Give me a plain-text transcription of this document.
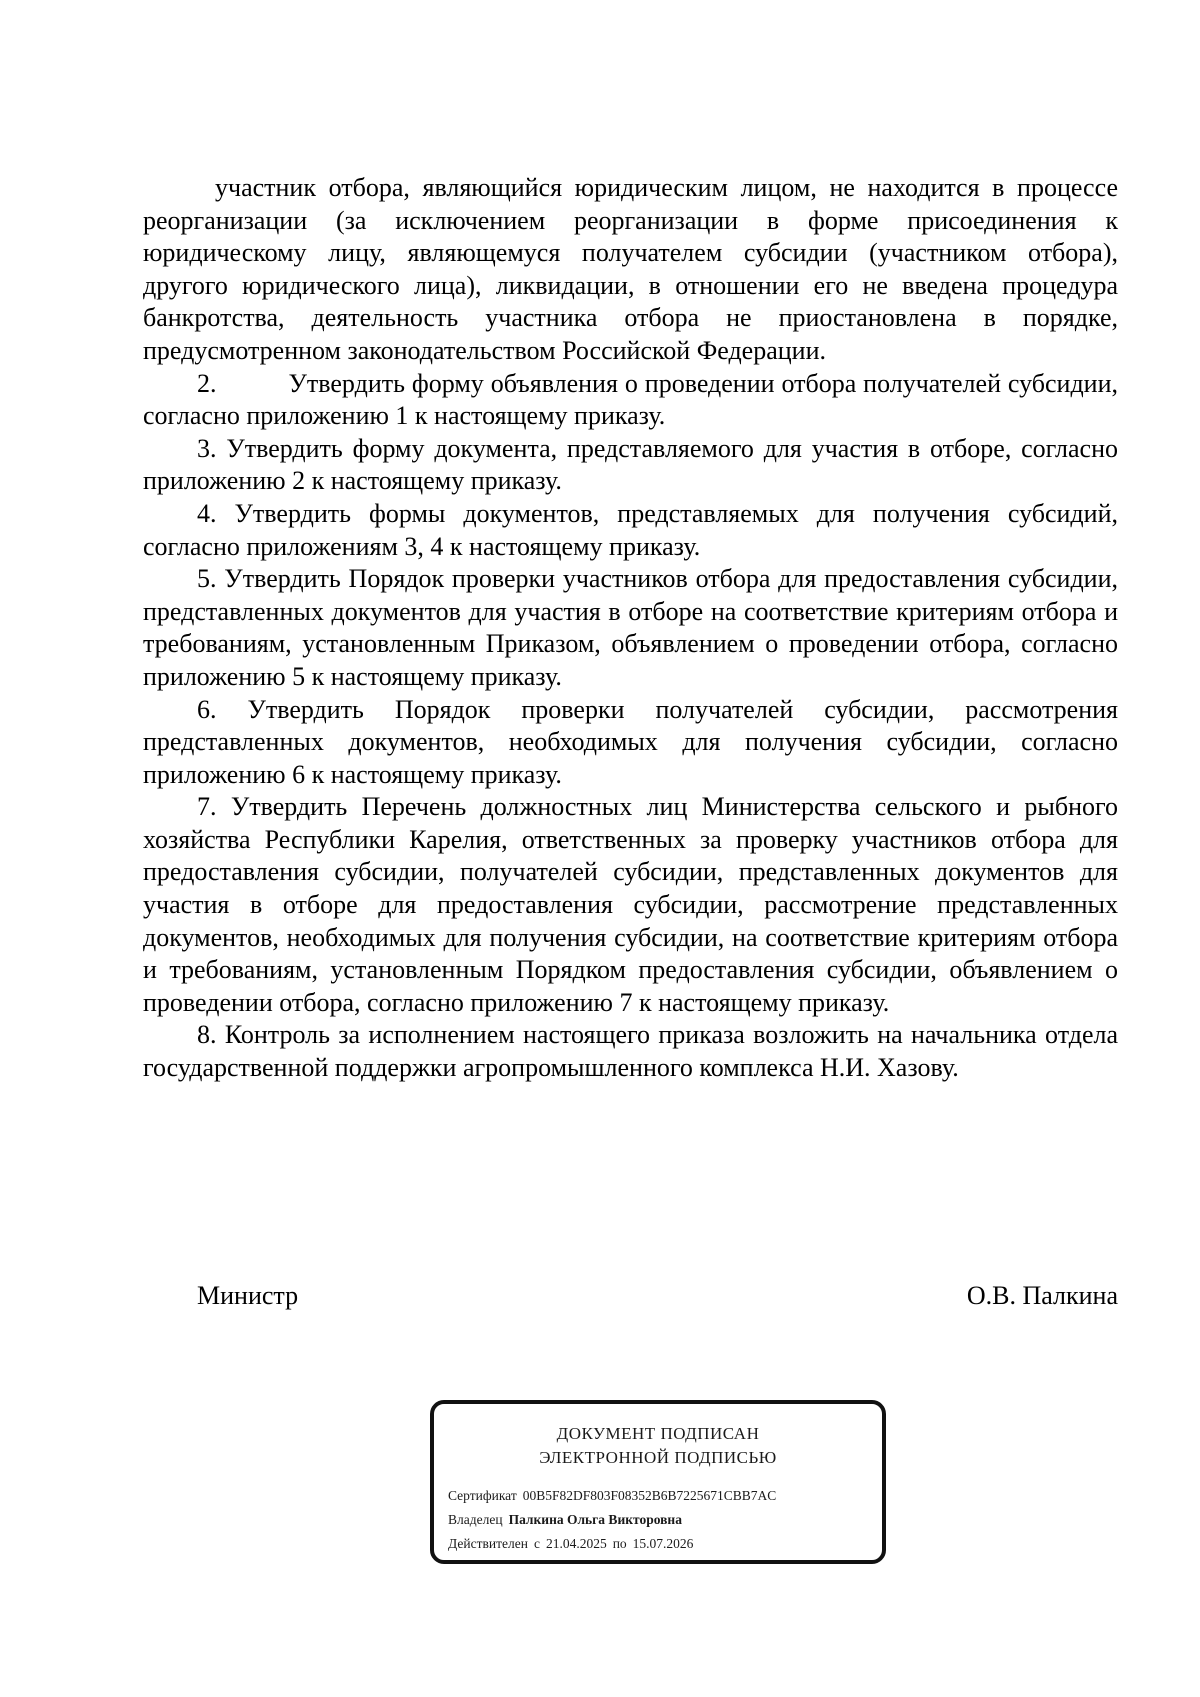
участник отбора, являющийся юридическим лицом, не находится в процессе реорганизации (за исключением реорганизации в форме присоединения к юридическому лицу, являющемуся получателем субсидии (участником отбора), другого юридического лица), ликвидации, в отношении его не введена процедура банкротства, деятельность участника отбора не приостановлена в порядке, предусмотренном законодательством Российской Федерации.

2.	Утвердить форму объявления о проведении отбора получателей субсидии, согласно приложению 1 к настоящему приказу.

3. Утвердить форму документа, представляемого для участия в отборе, согласно приложению 2 к настоящему приказу.

4. Утвердить формы документов, представляемых для получения субсидий, согласно приложениям 3, 4 к настоящему приказу.

5. Утвердить Порядок проверки участников отбора для предоставления субсидии, представленных документов для участия в отборе на соответствие критериям отбора и требованиям, установленным Приказом, объявлением о проведении отбора, согласно приложению 5 к настоящему приказу.

6. Утвердить Порядок проверки получателей субсидии, рассмотрения представленных документов, необходимых для получения субсидии, согласно приложению 6 к настоящему приказу.

7. Утвердить Перечень должностных лиц Министерства сельского и рыбного хозяйства Республики Карелия, ответственных за проверку участников отбора для предоставления субсидии, получателей субсидии, представленных документов для участия в отборе для предоставления субсидии, рассмотрение представленных документов, необходимых для получения субсидии, на соответствие критериям отбора и требованиям, установленным Порядком предоставления субсидии, объявлением о проведении отбора, согласно приложению 7 к настоящему приказу.

8. Контроль за исполнением настоящего приказа возложить на начальника отдела государственной поддержки агропромышленного комплекса Н.И. Хазову.

Министр	О.В. Палкина
ДОКУМЕНТ ПОДПИСАН
ЭЛЕКТРОННОЙ ПОДПИСЬЮ
Сертификат 00B5F82DF803F08352B6B7225671CBB7AC
Владелец Палкина Ольга Викторовна
Действителен с 21.04.2025 по 15.07.2026
